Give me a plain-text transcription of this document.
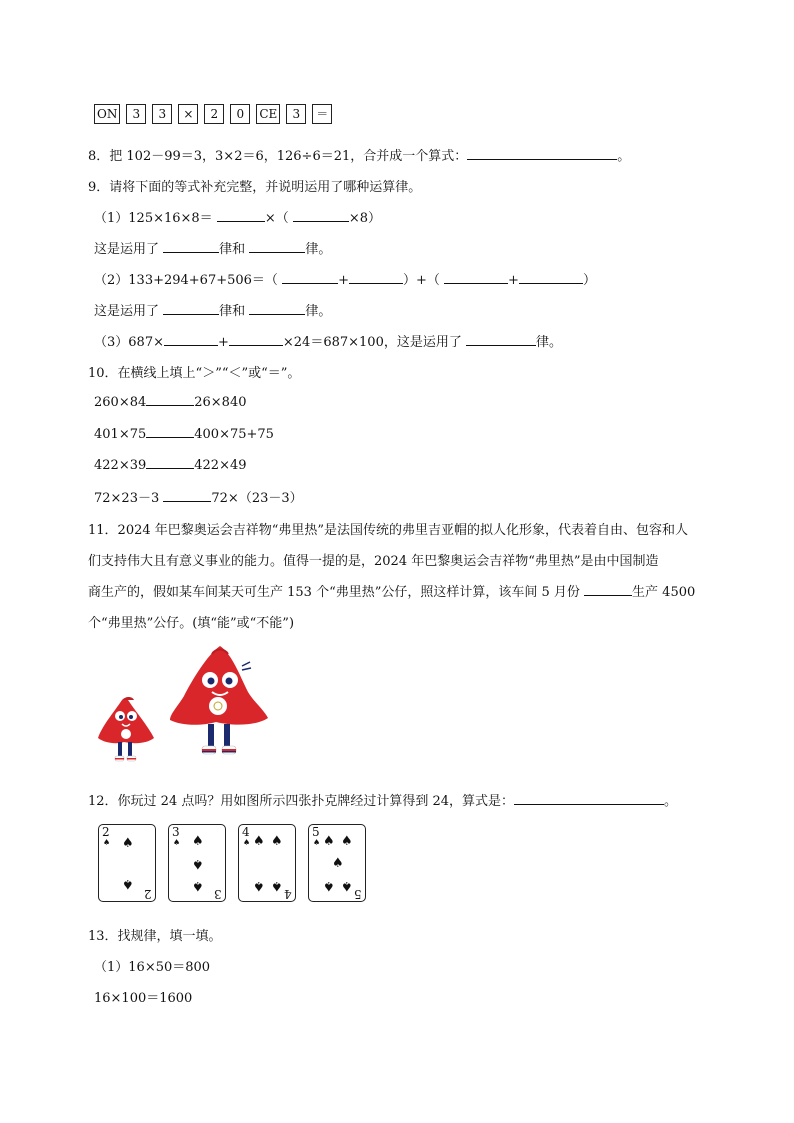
ON	3	3	×	2	0	CE	3	＝
8．把 102－99＝3，3×2＝6，126÷6＝21，合并成一个算式：	。
9．请将下面的等式补充完整，并说明运用了哪种运算律。
（1）125×16×8＝	×（	×8）
这是运用了	律和	律。
（2）133+294+67+506＝（	+	）+（	+	）
这是运用了	律和	律。
（3）687×	+	×24＝687×100，这是运用了	律。
10．在横线上填上“＞”“＜”或“＝”。
260×84	26×840
401×75	400×75+75
422×39	422×49
72×23－3	72×（23－3）
11．2024 年巴黎奥运会吉祥物“弗里热”是法国传统的弗里吉亚帽的拟人化形象，代表着自由、包容和人
们支持伟大且有意义事业的能力。值得一提的是，2024 年巴黎奥运会吉祥物“弗里热”是由中国制造
商生产的，假如某车间某天可生产 153 个“弗里热”公仔，照这样计算，该车间 5 月份	生产 4500
个“弗里热”公仔。(填“能”或“不能”)
12．你玩过 24 点吗？用如图所示四张扑克牌经过计算得到 24，算式是：	。
2
♠ ♠
♠
2
3
♠ ♠
♠
♠
3
4
♠ ♠ ♠
♠ ♠
4
5
♠ ♠ ♠
♠
♠ ♠
5
13．找规律，填一填。
（1）16×50＝800
16×100＝1600
